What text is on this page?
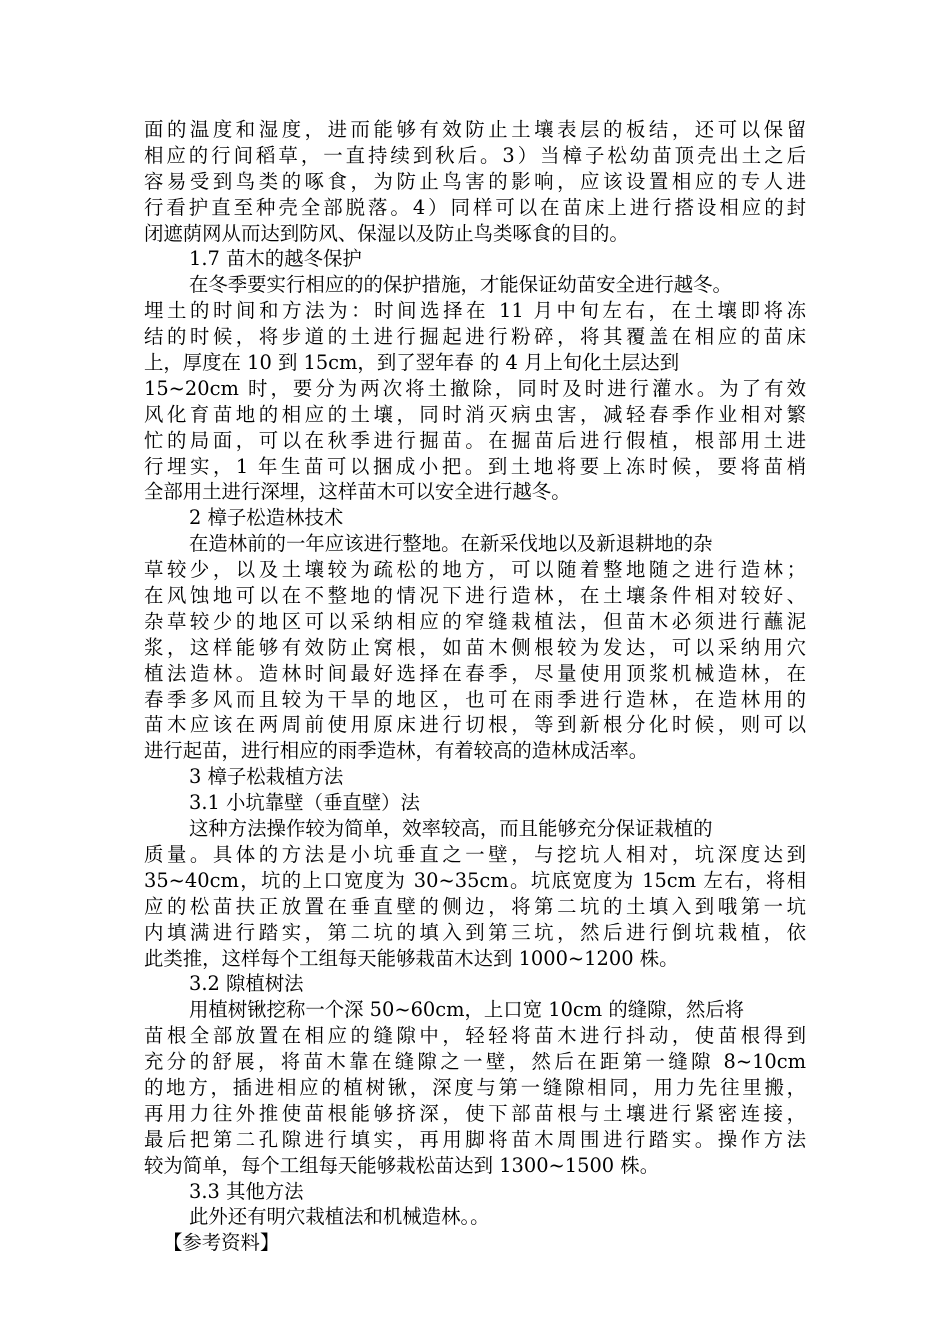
面的温度和湿度，进而能够有效防止土壤表层的板结，还可以保留
相应的行间稻草，一直持续到秋后。3）当樟子松幼苗顶壳出土之后
容易受到鸟类的啄食，为防止鸟害的影响，应该设置相应的专人进
行看护直至种壳全部脱落。4）同样可以在苗床上进行搭设相应的封
闭遮荫网从而达到防风、保湿以及防止鸟类啄食的目的。
1.7 苗木的越冬保护
在冬季要实行相应的的保护措施，才能保证幼苗安全进行越冬。
埋土的时间和方法为：时间选择在 11 月中旬左右，在土壤即将冻
结的时候，将步道的土进行掘起进行粉碎，将其覆盖在相应的苗床
上，厚度在 10 到 15cm，到了翌年春 的 4 月上旬化土层达到
15~20cm 时，要分为两次将土撤除，同时及时进行灌水。为了有效
风化育苗地的相应的土壤，同时消灭病虫害，减轻春季作业相对繁
忙的局面，可以在秋季进行掘苗。在掘苗后进行假植，根部用土进
行埋实，1 年生苗可以捆成小把。到土地将要上冻时候，要将苗梢
全部用土进行深埋，这样苗木可以安全进行越冬。
2 樟子松造林技术
在造林前的一年应该进行整地。在新采伐地以及新退耕地的杂
草较少，以及土壤较为疏松的地方，可以随着整地随之进行造林；
在风蚀地可以在不整地的情况下进行造林，在土壤条件相对较好、
杂草较少的地区可以采纳相应的窄缝栽植法，但苗木必须进行蘸泥
浆，这样能够有效防止窝根，如苗木侧根较为发达，可以采纳用穴
植法造林。造林时间最好选择在春季，尽量使用顶浆机械造林，在
春季多风而且较为干旱的地区，也可在雨季进行造林，在造林用的
苗木应该在两周前使用原床进行切根，等到新根分化时候，则可以
进行起苗，进行相应的雨季造林，有着较高的造林成活率。
3 樟子松栽植方法
3.1 小坑靠壁（垂直壁）法
这种方法操作较为简单，效率较高，而且能够充分保证栽植的
质量。具体的方法是小坑垂直之一壁，与挖坑人相对，坑深度达到
35~40cm，坑的上口宽度为 30~35cm。坑底宽度为 15cm 左右，将相
应的松苗扶正放置在垂直壁的侧边，将第二坑的土填入到哦第一坑
内填满进行踏实，第二坑的填入到第三坑，然后进行倒坑栽植，依
此类推，这样每个工组每天能够栽苗木达到 1000~1200 株。
3.2 隙植树法
用植树锹挖称一个深 50~60cm，上口宽 10cm 的缝隙，然后将
苗根全部放置在相应的缝隙中，轻轻将苗木进行抖动，使苗根得到
充分的舒展，将苗木靠在缝隙之一壁，然后在距第一缝隙 8~10cm
的地方，插进相应的植树锹，深度与第一缝隙相同，用力先往里搬，
再用力往外推使苗根能够挤深，使下部苗根与土壤进行紧密连接，
最后把第二孔隙进行填实，再用脚将苗木周围进行踏实。操作方法
较为简单，每个工组每天能够栽松苗达到 1300~1500 株。
3.3 其他方法
此外还有明穴栽植法和机械造林。。
【参考资料】
